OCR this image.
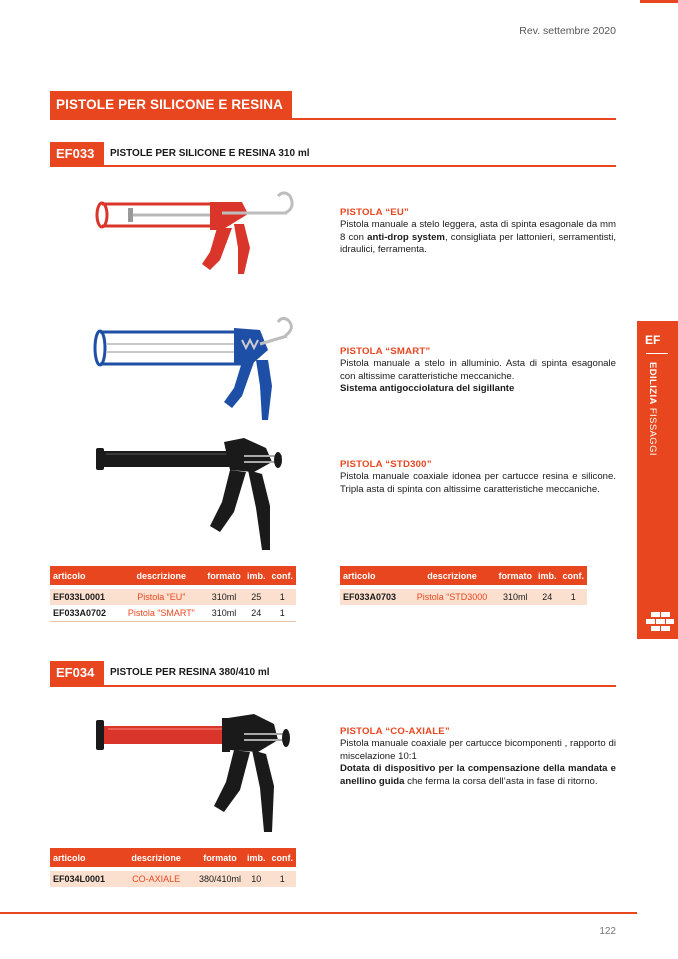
Rev. settembre 2020
PISTOLE PER SILICONE E RESINA
EF033	PISTOLE PER SILICONE E RESINA 310 ml
PISTOLA “EU”
Pistola manuale a stelo leggera, asta di spinta esagonale da mm 8 con anti-drop system, consigliata per lattonieri, serramentisti, idraulici, ferramenta.
PISTOLA “SMART”
Pistola manuale a stelo in alluminio. Asta di spinta esagonale con altissime caratteristiche meccaniche.
Sistema antigocciolatura del sigillante
PISTOLA “STD300”
Pistola manuale coaxiale idonea per cartucce resina e silicone. Tripla asta di spinta con altissime caratteristiche meccaniche.
articolo	descrizione	formato	imb.	conf.

EF033L0001	Pistola “EU”	310ml	25	1
EF033A0702	Pistola “SMART”	310ml	24	1
articolo	descrizione	formato	imb.	conf.

EF033A0703	Pistola “STD3000	310ml	24	1
EF034	PISTOLE PER RESINA 380/410 ml
PISTOLA “CO-AXIALE”
Pistola manuale coaxiale per cartucce bicomponenti , rapporto di miscelazione 10:1
Dotata di dispositivo per la compensazione della mandata e anellino guida che ferma la corsa dell’asta in fase di ritorno.
articolo	descrizione	formato	imb.	conf.

EF034L0001	CO-AXIALE	380/410ml	10	1
EF
EDILIZIA FISSAGGI
122
